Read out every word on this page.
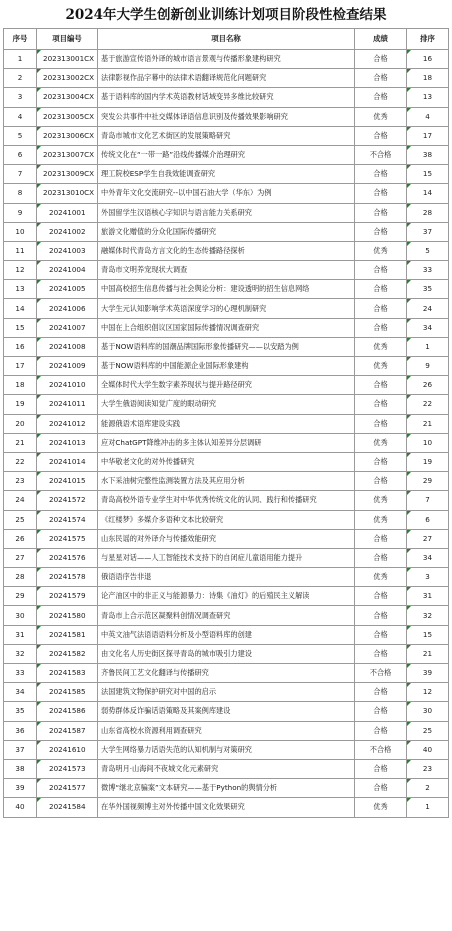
2024年大学生创新创业训练计划项目阶段性检查结果
序号	项目编号	项目名称	成绩	排序
1	202313001CX	基于旅游宣传语外译的城市语言景观与传播形象建构研究	合格	16
2	202313002CX	法律影视作品字幕中的法律术语翻译规范化问题研究	合格	18
3	202313004CX	基于语料库的国内学术英语教材话域变异多维比较研究	合格	13
4	202313005CX	突发公共事件中社交媒体译语信息识别及传播效果影响研究	优秀	4
5	202313006CX	青岛市城市文化艺术街区的发展策略研究	合格	17
6	202313007CX	传统文化在“一带一路”沿线传播媒介治理研究	不合格	38
7	202313009CX	理工院校ESP学生自我效能调查研究	合格	15
8	202313010CX	中外青年文化交流研究--以中国石油大学（华东）为例	合格	14
9	20241001	外国留学生汉语核心字知识与语言能力关系研究	合格	28
10	20241002	旅游文化赠值的分众化国际传播研究	合格	37
11	20241003	融媒体时代青岛方言文化的生态传播路径探析	优秀	5
12	20241004	青岛市文明养宠现状大调查	合格	33
13	20241005	中国高校招生信息传播与社会舆论分析：建设透明的招生信息网络	合格	35
14	20241006	大学生元认知影响学术英语深度学习的心理机制研究	合格	24
15	20241007	中国在上合组织倡议区国家国际传播情况调查研究	合格	34
16	20241008	基于NOW语料库的国潮品牌国际形象传播研究——以安踏为例	优秀	1
17	20241009	基于NOW语料库的中国能源企业国际形象建构	优秀	9
18	20241010	全媒体时代大学生数字素养现状与提升路径研究	合格	26
19	20241011	大学生俄语阅读知觉广度的眼动研究	合格	22
20	20241012	能源俄语术语库建设实践	合格	21
21	20241013	应对ChatGPT降维冲击的多主体认知差异分层调研	优秀	10
22	20241014	中华敬老文化的对外传播研究	合格	19
23	20241015	水下采油树完整性监测装置方法及其应用分析	合格	29
24	20241572	青岛高校外语专业学生对中华优秀传统文化的认同、践行和传播研究	优秀	7
25	20241574	《红楼梦》多媒介多语种文本比较研究	优秀	6
26	20241575	山东民谣的对外译介与传播效能研究	合格	27
27	20241576	与星星对话——人工智能技术支持下的自闭症儿童语用能力提升	合格	34
28	20241578	俄语语序告非退	优秀	3
29	20241579	论产油区中的非正义与能源暴力：诗集《油灯》的后殖民主义解读	合格	31
30	20241580	青岛市上合示范区凝聚料创情况调查研究	合格	32
31	20241581	中英文油气法语语语料分析及小型语料库的创建	合格	15
32	20241582	由文化名人历史街区探寻青岛的城市吸引力建设	合格	21
33	20241583	齐鲁民间工艺文化翻译与传播研究	不合格	39
34	20241585	法国建筑文物保护研究对中国的启示	合格	12
35	20241586	弱势群体反诈骗话语策略及其案例库建设	合格	30
36	20241587	山东省高校水资源利用调查研究	合格	25
37	20241610	大学生网络暴力话语失范的认知机制与对策研究	不合格	40
38	20241573	青岛明月·山海间不夜城文化元素研究	合格	23
39	20241577	微博“继北京骗案”文本研究——基于Python的舆情分析	合格	2
40	20241584	在华外国视频博主对外传播中国文化效果研究	优秀	1
